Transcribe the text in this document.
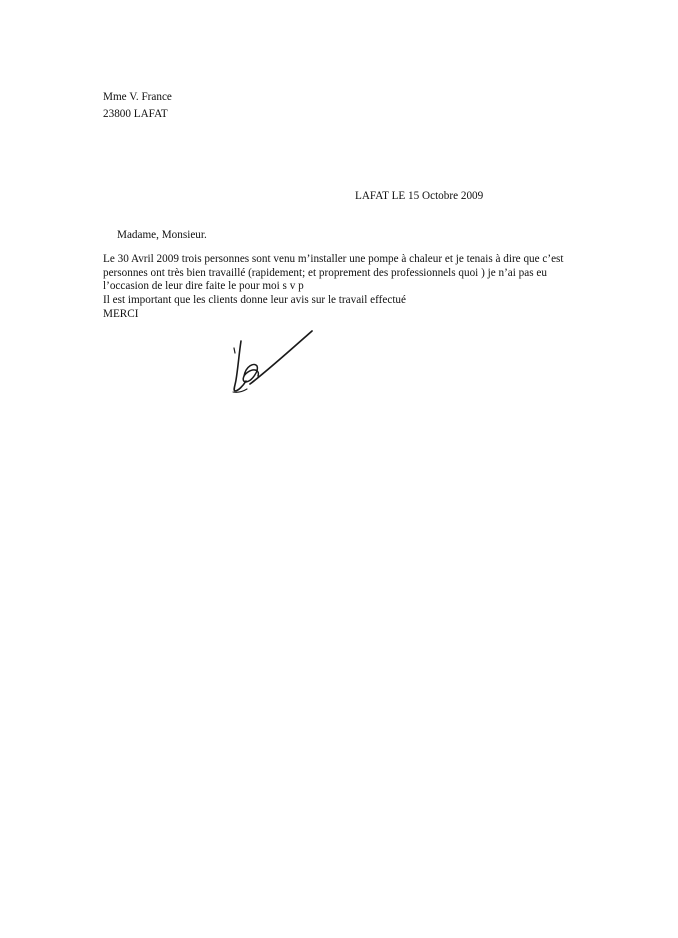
Mme V. France
23800 LAFAT
LAFAT LE 15 Octobre 2009
Madame, Monsieur.
Le 30 Avril 2009 trois personnes sont venu m’installer une pompe à chaleur et je tenais à dire que c’est
personnes ont très bien travaillé (rapidement; et proprement des professionnels quoi ) je n’ai pas eu
l’occasion de leur dire faite le pour moi s v p
Il est important que les clients donne leur avis sur le travail effectué
MERCI
